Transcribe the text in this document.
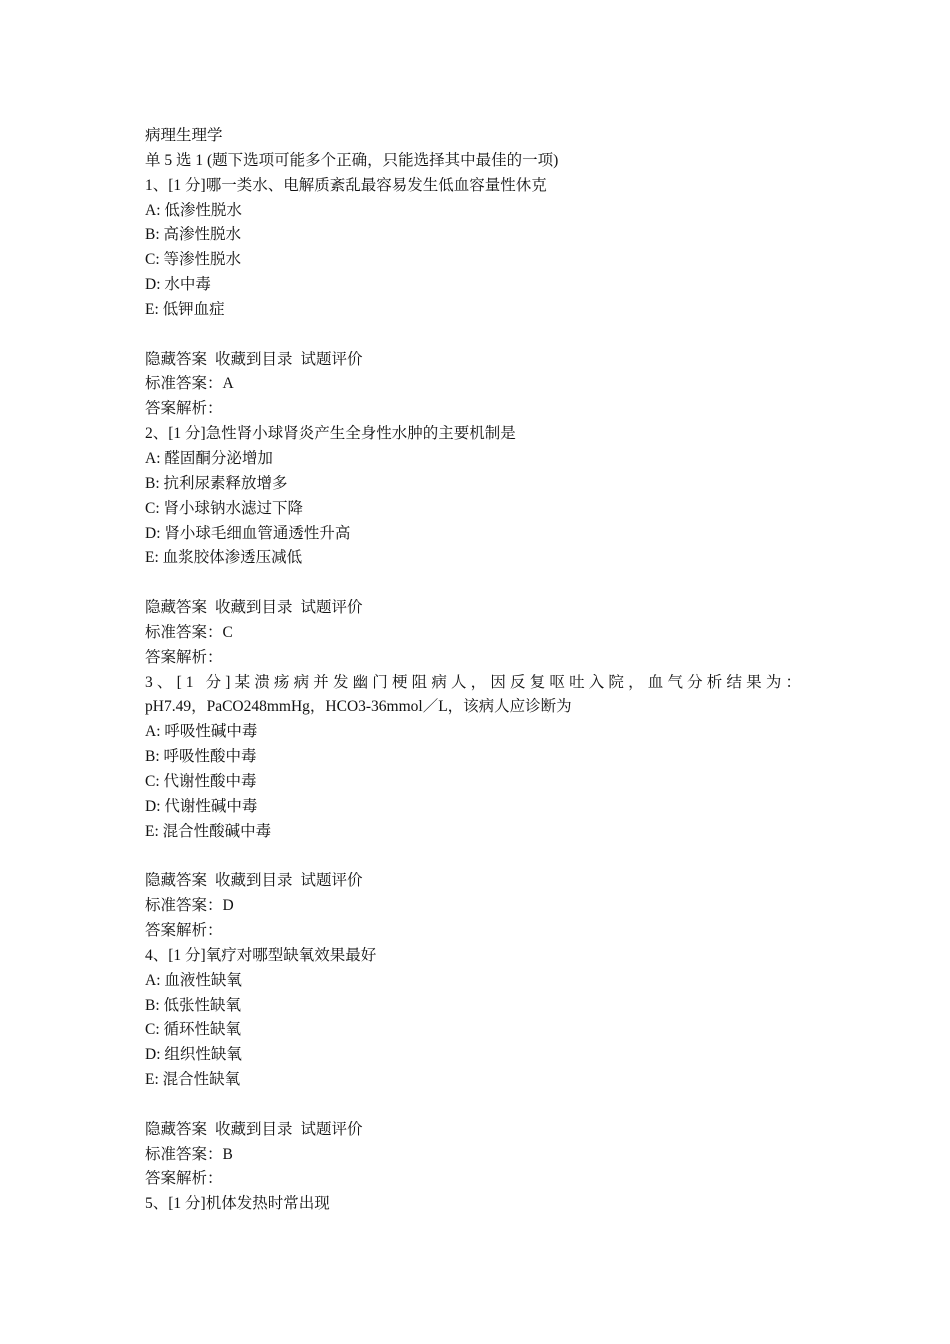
病理生理学
单 5 选 1 (题下选项可能多个正确，只能选择其中最佳的一项)
1、[1 分]哪一类水、电解质紊乱最容易发生低血容量性休克
A: 低渗性脱水
B: 高渗性脱水
C: 等渗性脱水
D: 水中毒
E: 低钾血症
隐藏答案 收藏到目录 试题评价
标准答案：A
答案解析：
2、[1 分]急性肾小球肾炎产生全身性水肿的主要机制是
A: 醛固酮分泌增加
B: 抗利尿素释放增多
C: 肾小球钠水滤过下降
D: 肾小球毛细血管通透性升高
E: 血浆胶体渗透压减低
隐藏答案 收藏到目录 试题评价
标准答案：C
答案解析：
3、[1 分]某溃疡病并发幽门梗阻病人，因反复呕吐入院，血气分析结果为：
pH7.49，PaCO248mmHg，HCO3-36mmol／L，该病人应诊断为
A: 呼吸性碱中毒
B: 呼吸性酸中毒
C: 代谢性酸中毒
D: 代谢性碱中毒
E: 混合性酸碱中毒
隐藏答案 收藏到目录 试题评价
标准答案：D
答案解析：
4、[1 分]氧疗对哪型缺氧效果最好
A: 血液性缺氧
B: 低张性缺氧
C: 循环性缺氧
D: 组织性缺氧
E: 混合性缺氧
隐藏答案 收藏到目录 试题评价
标准答案：B
答案解析：
5、[1 分]机体发热时常出现
